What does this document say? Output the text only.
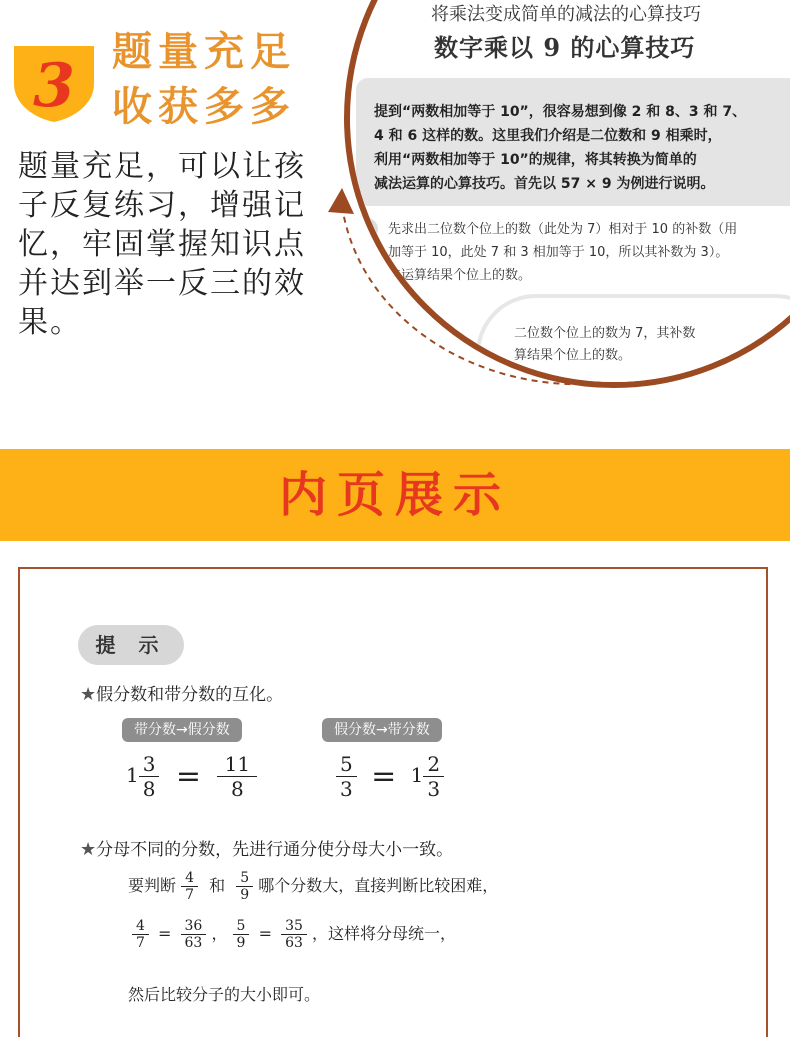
3 题量充足
收获多多
题量充足，可以让孩
子反复练习，增强记
忆，牢固掌握知识点
并达到举一反三的效
果。
将乘法变成简单的减法的心算技巧
数字乘以 9 的心算技巧
提到“两数相加等于 10”，很容易想到像 2 和 8、3 和 7、
4 和 6 这样的数。这里我们介绍是二位数和 9 相乘时，
利用“两数相加等于 10”的规律，将其转换为简单的
减法运算的心算技巧。首先以 57 × 9 为例进行说明。
1	先求出二位数个位上的数（此处为 7）相对于 10 的补数（用
加等于 10，此处 7 和 3 相加等于 10，所以其补数为 3）。
法运算结果个位上的数。
二位数个位上的数为 7，其补数
算结果个位上的数。
内页展示
提 示
★假分数和带分数的互化。
带分数→假分数	假分数→带分数
$1 \frac{3}{8} = \frac{11}{8}$	$\frac{5}{3} = 1 \frac{2}{3}$
★分母不同的分数，先进行通分使分母大小一致。
要判断 $\frac{4}{7}$ 和 $\frac{5}{9}$ 哪个分数大，直接判断比较困难，
$\frac{4}{7} = \frac{36}{63}$ ， $\frac{5}{9} = \frac{35}{63}$ ，这样将分母统一，
然后比较分子的大小即可。
